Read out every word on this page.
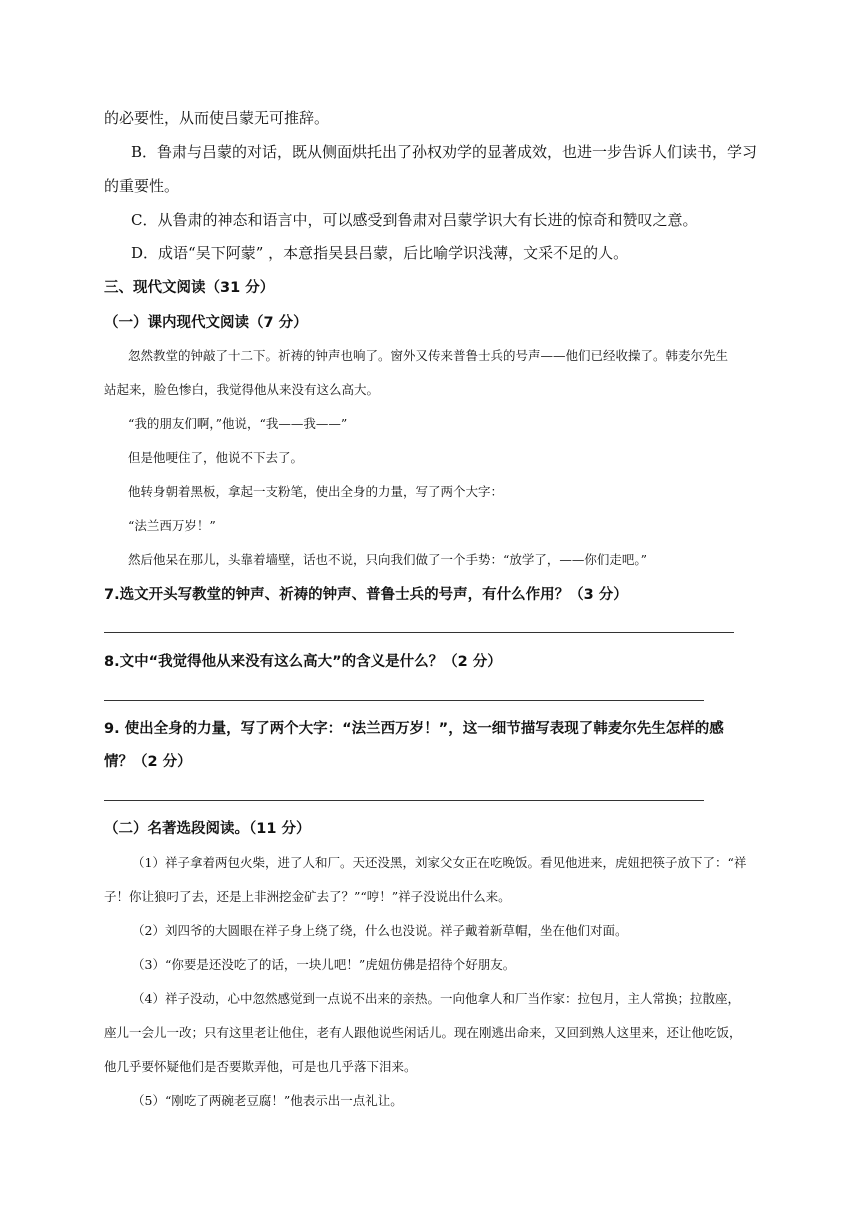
的必要性，从而使吕蒙无可推辞。
B．鲁肃与吕蒙的对话，既从侧面烘托出了孙权劝学的显著成效，也进一步告诉人们读书，学习
的重要性。
C．从鲁肃的神态和语言中，可以感受到鲁肃对吕蒙学识大有长进的惊奇和赞叹之意。
D．成语“吴下阿蒙” ，本意指吴县吕蒙，后比喻学识浅薄，文采不足的人。
三、现代文阅读（31 分）
（一）课内现代文阅读（7 分）
忽然教堂的钟敲了十二下。祈祷的钟声也响了。窗外又传来普鲁士兵的号声——他们已经收操了。韩麦尔先生
站起来，脸色惨白，我觉得他从来没有这么高大。
“我的朋友们啊，”他说，“我——我——”
但是他哽住了，他说不下去了。
他转身朝着黑板，拿起一支粉笔，使出全身的力量，写了两个大字：
“法兰西万岁！”
然后他呆在那儿，头靠着墙壁，话也不说，只向我们做了一个手势：“放学了，——你们走吧。”
7.选文开头写教堂的钟声、祈祷的钟声、普鲁士兵的号声，有什么作用？（3 分）
8.文中“我觉得他从来没有这么高大”的含义是什么？（2 分）
9. 使出全身的力量，写了两个大字：“法兰西万岁！”，这一细节描写表现了韩麦尔先生怎样的感
情？（2 分）
（二）名著选段阅读。（11 分）
（1）祥子拿着两包火柴，进了人和厂。天还没黑，刘家父女正在吃晚饭。看见他进来，虎妞把筷子放下了：“祥
子！你让狼叼了去，还是上非洲挖金矿去了？”“哼！”祥子没说出什么来。
（2）刘四爷的大圆眼在祥子身上绕了绕，什么也没说。祥子戴着新草帽，坐在他们对面。
（3）“你要是还没吃了的话，一块儿吧！”虎妞仿佛是招待个好朋友。
（4）祥子没动，心中忽然感觉到一点说不出来的亲热。一向他拿人和厂当作家：拉包月，主人常换；拉散座，
座儿一会儿一改；只有这里老让他住，老有人跟他说些闲话儿。现在刚逃出命来，又回到熟人这里来，还让他吃饭，
他几乎要怀疑他们是否要欺弄他，可是也几乎落下泪来。
（5）“刚吃了两碗老豆腐！”他表示出一点礼让。
